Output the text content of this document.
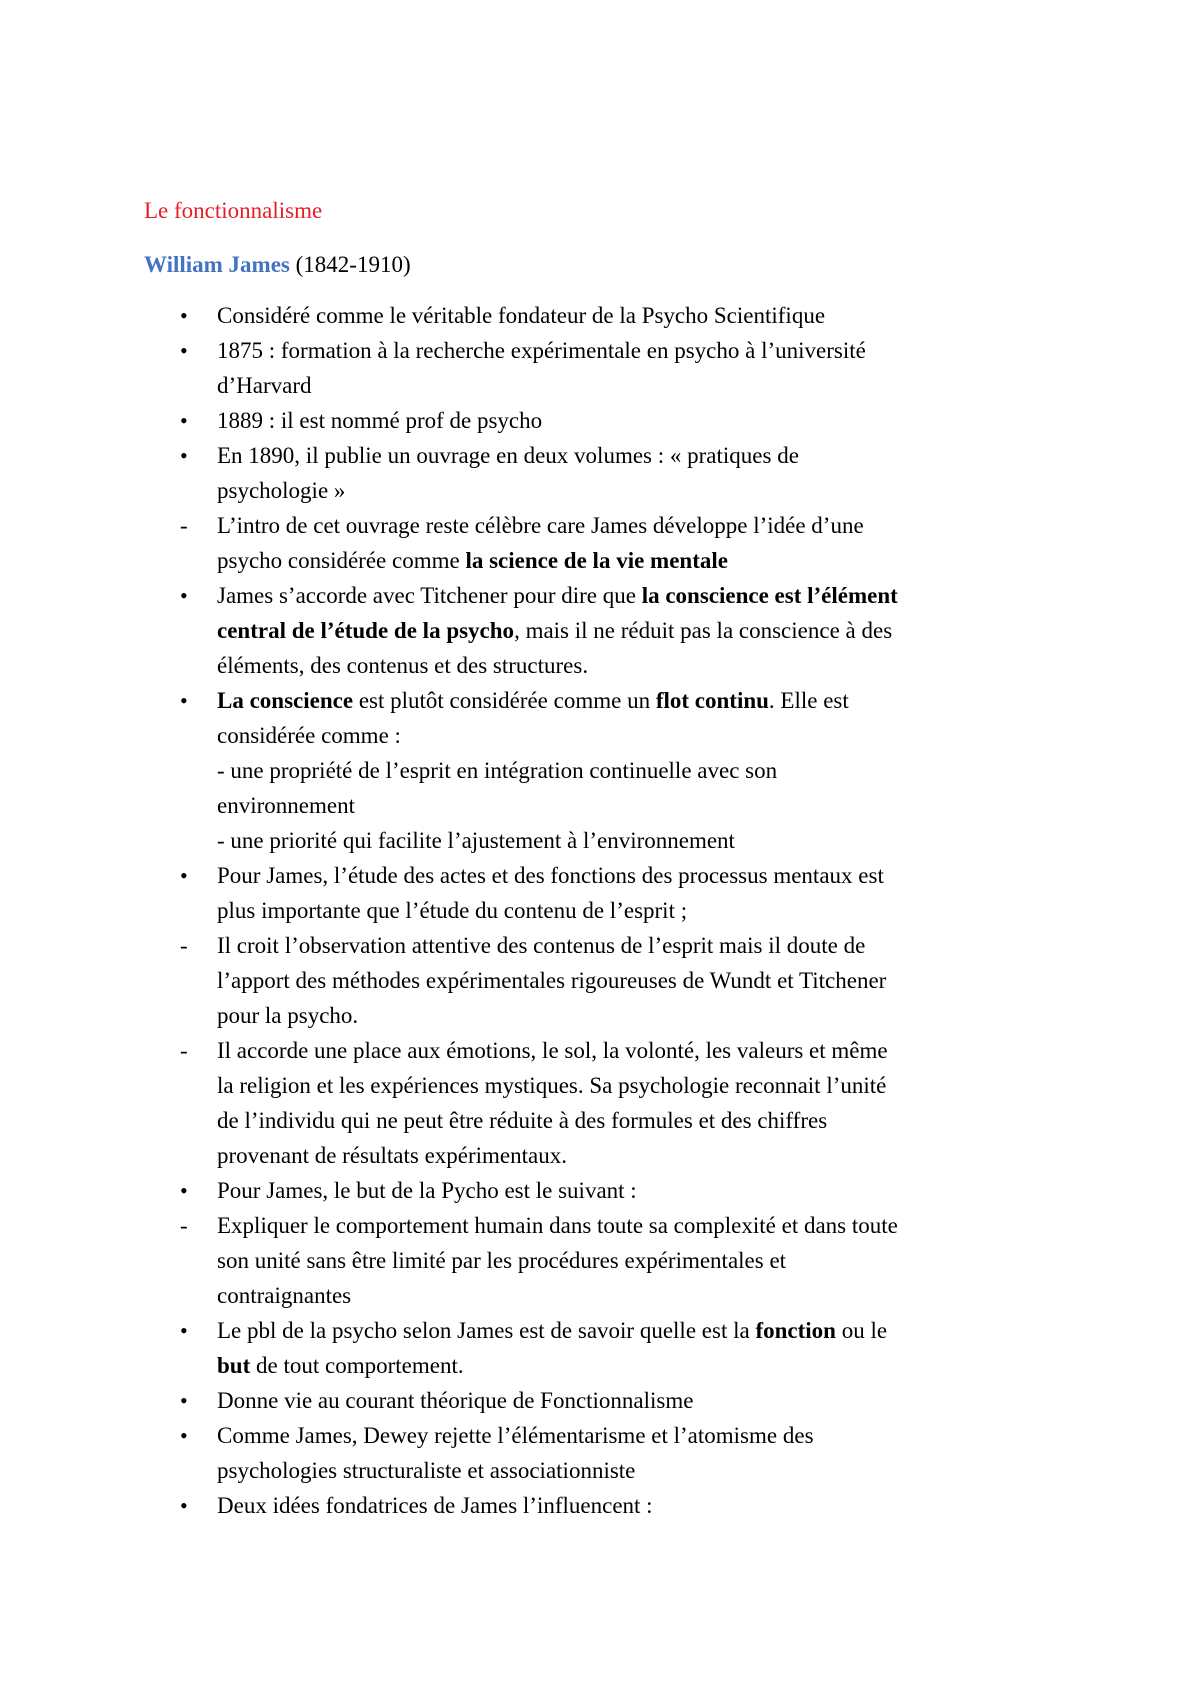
Le fonctionnalisme
William James (1842-1910)
•	Considéré comme le véritable fondateur de la Psycho Scientifique
•	1875 : formation à la recherche expérimentale en psycho à l’université
d’Harvard
•	1889 : il est nommé prof de psycho
•	En 1890, il publie un ouvrage en deux volumes : « pratiques de
psychologie »
-	L’intro de cet ouvrage reste célèbre care James développe l’idée d’une
psycho considérée comme la science de la vie mentale
•	James s’accorde avec Titchener pour dire que la conscience est l’élément
central de l’étude de la psycho, mais il ne réduit pas la conscience à des
éléments, des contenus et des structures.
•	La conscience est plutôt considérée comme un flot continu. Elle est
considérée comme :
- une propriété de l’esprit en intégration continuelle avec son
environnement
- une priorité qui facilite l’ajustement à l’environnement
•	Pour James, l’étude des actes et des fonctions des processus mentaux est
plus importante que l’étude du contenu de l’esprit ;
-	Il croit l’observation attentive des contenus de l’esprit mais il doute de
l’apport des méthodes expérimentales rigoureuses de Wundt et Titchener
pour la psycho.
-	Il accorde une place aux émotions, le sol, la volonté, les valeurs et même
la religion et les expériences mystiques. Sa psychologie reconnait l’unité
de l’individu qui ne peut être réduite à des formules et des chiffres
provenant de résultats expérimentaux.
•	Pour James, le but de la Pycho est le suivant :
-	Expliquer le comportement humain dans toute sa complexité et dans toute
son unité sans être limité par les procédures expérimentales et
contraignantes
•	Le pbl de la psycho selon James est de savoir quelle est la fonction ou le
but de tout comportement.
•	Donne vie au courant théorique de Fonctionnalisme
•	Comme James, Dewey rejette l’élémentarisme et l’atomisme des
psychologies structuraliste et associationniste
•	Deux idées fondatrices de James l’influencent :
